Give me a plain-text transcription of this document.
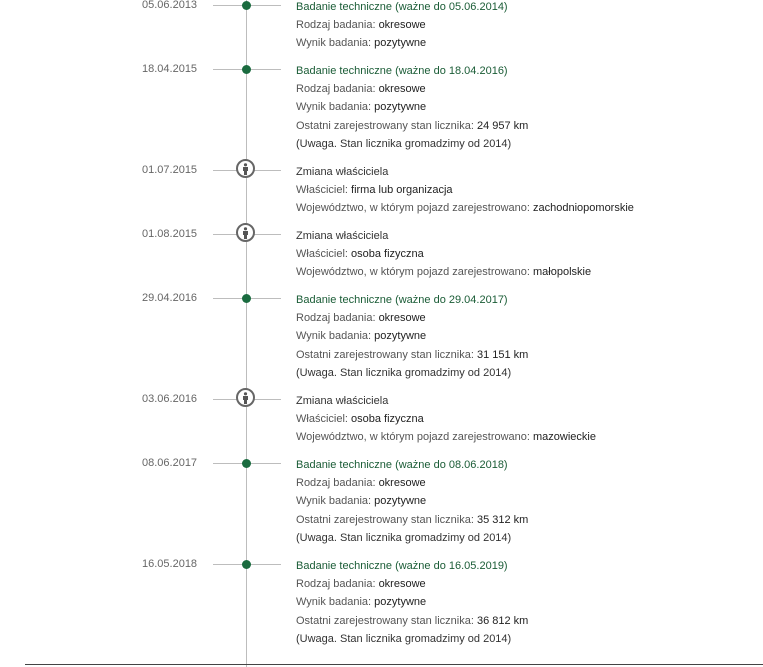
05.06.2013	Badanie techniczne (ważne do 05.06.2014)
Rodzaj badania: okresowe
Wynik badania: pozytywne
18.04.2015	Badanie techniczne (ważne do 18.04.2016)
Rodzaj badania: okresowe
Wynik badania: pozytywne
Ostatni zarejestrowany stan licznika: 24 957 km
(Uwaga. Stan licznika gromadzimy od 2014)
01.07.2015	Zmiana właściciela
Właściciel: firma lub organizacja
Województwo, w którym pojazd zarejestrowano: zachodniopomorskie
01.08.2015	Zmiana właściciela
Właściciel: osoba fizyczna
Województwo, w którym pojazd zarejestrowano: małopolskie
29.04.2016	Badanie techniczne (ważne do 29.04.2017)
Rodzaj badania: okresowe
Wynik badania: pozytywne
Ostatni zarejestrowany stan licznika: 31 151 km
(Uwaga. Stan licznika gromadzimy od 2014)
03.06.2016	Zmiana właściciela
Właściciel: osoba fizyczna
Województwo, w którym pojazd zarejestrowano: mazowieckie
08.06.2017	Badanie techniczne (ważne do 08.06.2018)
Rodzaj badania: okresowe
Wynik badania: pozytywne
Ostatni zarejestrowany stan licznika: 35 312 km
(Uwaga. Stan licznika gromadzimy od 2014)
16.05.2018	Badanie techniczne (ważne do 16.05.2019)
Rodzaj badania: okresowe
Wynik badania: pozytywne
Ostatni zarejestrowany stan licznika: 36 812 km
(Uwaga. Stan licznika gromadzimy od 2014)
